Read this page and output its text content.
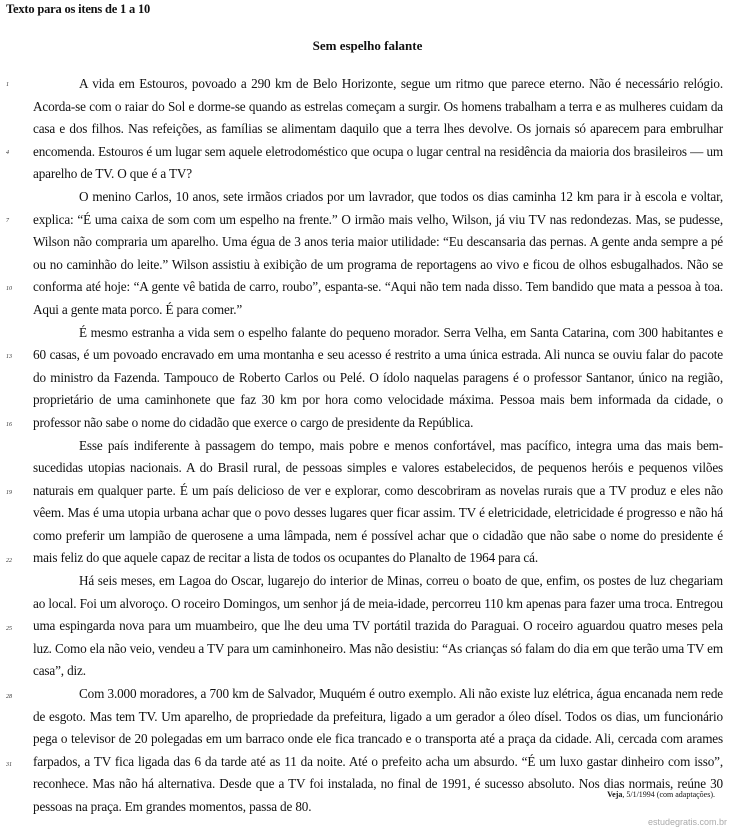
Texto para os itens de 1 a 10
Sem espelho falante
1
4
7
10
13
16
19
22
25
28
31

A vida em Estouros, povoado a 290 km de Belo Horizonte, segue um ritmo que parece eterno. Não é necessário relógio. Acorda-se com o raiar do Sol e dorme-se quando as estrelas começam a surgir. Os homens trabalham a terra e as mulheres cuidam da casa e dos filhos. Nas refeições, as famílias se alimentam daquilo que a terra lhes devolve. Os jornais só aparecem para embrulhar encomenda. Estouros é um lugar sem aquele eletrodoméstico que ocupa o lugar central na residência da maioria dos brasileiros — um aparelho de TV. O que é a TV?

O menino Carlos, 10 anos, sete irmãos criados por um lavrador, que todos os dias caminha 12 km para ir à escola e voltar, explica: “É uma caixa de som com um espelho na frente.” O irmão mais velho, Wilson, já viu TV nas redondezas. Mas, se pudesse, Wilson não compraria um aparelho. Uma égua de 3 anos teria maior utilidade: “Eu descansaria das pernas. A gente anda sempre a pé ou no caminhão do leite.” Wilson assistiu à exibição de um programa de reportagens ao vivo e ficou de olhos esbugalhados. Não se conforma até hoje: “A gente vê batida de carro, roubo”, espanta-se. “Aqui não tem nada disso. Tem bandido que mata a pessoa à toa. Aqui a gente mata porco. É para comer.”

É mesmo estranha a vida sem o espelho falante do pequeno morador. Serra Velha, em Santa Catarina, com 300 habitantes e 60 casas, é um povoado encravado em uma montanha e seu acesso é restrito a uma única estrada. Ali nunca se ouviu falar do pacote do ministro da Fazenda. Tampouco de Roberto Carlos ou Pelé. O ídolo naquelas paragens é o professor Santanor, único na região, proprietário de uma caminhonete que faz 30 km por hora como velocidade máxima. Pessoa mais bem informada da cidade, o professor não sabe o nome do cidadão que exerce o cargo de presidente da República.

Esse país indiferente à passagem do tempo, mais pobre e menos confortável, mas pacífico, integra uma das mais bem-sucedidas utopias nacionais. A do Brasil rural, de pessoas simples e valores estabelecidos, de pequenos heróis e pequenos vilões naturais em qualquer parte. É um país delicioso de ver e explorar, como descobriram as novelas rurais que a TV produz e eles não vêem. Mas é uma utopia urbana achar que o povo desses lugares quer ficar assim. TV é eletricidade, eletricidade é progresso e não há como preferir um lampião de querosene a uma lâmpada, nem é possível achar que o cidadão que não sabe o nome do presidente é mais feliz do que aquele capaz de recitar a lista de todos os ocupantes do Planalto de 1964 para cá.

Há seis meses, em Lagoa do Oscar, lugarejo do interior de Minas, correu o boato de que, enfim, os postes de luz chegariam ao local. Foi um alvoroço. O roceiro Domingos, um senhor já de meia-idade, percorreu 110 km apenas para fazer uma troca. Entregou uma espingarda nova para um muambeiro, que lhe deu uma TV portátil trazida do Paraguai. O roceiro aguardou quatro meses pela luz. Como ela não veio, vendeu a TV para um caminhoneiro. Mas não desistiu: “As crianças só falam do dia em que terão uma TV em casa”, diz.

Com 3.000 moradores, a 700 km de Salvador, Muquém é outro exemplo. Ali não existe luz elétrica, água encanada nem rede de esgoto. Mas tem TV. Um aparelho, de propriedade da prefeitura, ligado a um gerador a óleo dísel. Todos os dias, um funcionário pega o televisor de 20 polegadas em um barraco onde ele fica trancado e o transporta até a praça da cidade. Ali, cercada com arames farpados, a TV fica ligada das 6 da tarde até as 11 da noite. Até o prefeito acha um absurdo. “É um luxo gastar dinheiro com isso”, reconhece. Mas não há alternativa. Desde que a TV foi instalada, no final de 1991, é sucesso absoluto. Nos dias normais, reúne 30 pessoas na praça. Em grandes momentos, passa de 80.

Veja, 5/1/1994 (com adaptações).
estudegratis.com.br
